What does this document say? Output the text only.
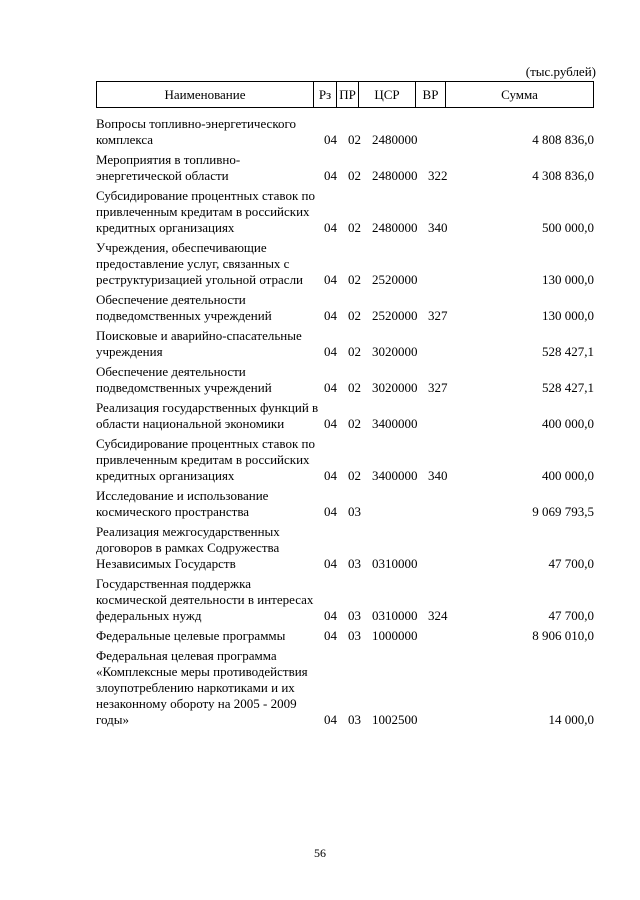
(тыс.рублей)
Наименование	Рз ПР	ЦСР	ВР	Сумма
Вопросы топливно-энергетического комплекса	04 02 2480000	4 808 836,0
Мероприятия в топливно-энергетической области	04 02 2480000 322	4 308 836,0
Субсидирование процентных ставок по привлеченным кредитам в российских кредитных организациях	04 02 2480000 340	500 000,0
Учреждения, обеспечивающие предоставление услуг, связанных с реструктуризацией угольной отрасли	04 02 2520000	130 000,0
Обеспечение деятельности подведомственных учреждений	04 02 2520000 327	130 000,0
Поисковые и аварийно-спасательные учреждения	04 02 3020000	528 427,1
Обеспечение деятельности подведомственных учреждений	04 02 3020000 327	528 427,1
Реализация государственных функций в области национальной экономики	04 02 3400000	400 000,0
Субсидирование процентных ставок по привлеченным кредитам в российских кредитных организациях	04 02 3400000 340	400 000,0
Исследование и использование космического пространства	04 03	9 069 793,5
Реализация межгосударственных договоров в рамках Содружества Независимых Государств	04 03 0310000	47 700,0
Государственная поддержка космической деятельности в интересах федеральных нужд	04 03 0310000 324	47 700,0
Федеральные целевые программы	04 03 1000000	8 906 010,0
Федеральная целевая программа «Комплексные меры противодействия злоупотреблению наркотиками и их незаконному обороту на 2005 - 2009 годы»	04 03 1002500	14 000,0
56
